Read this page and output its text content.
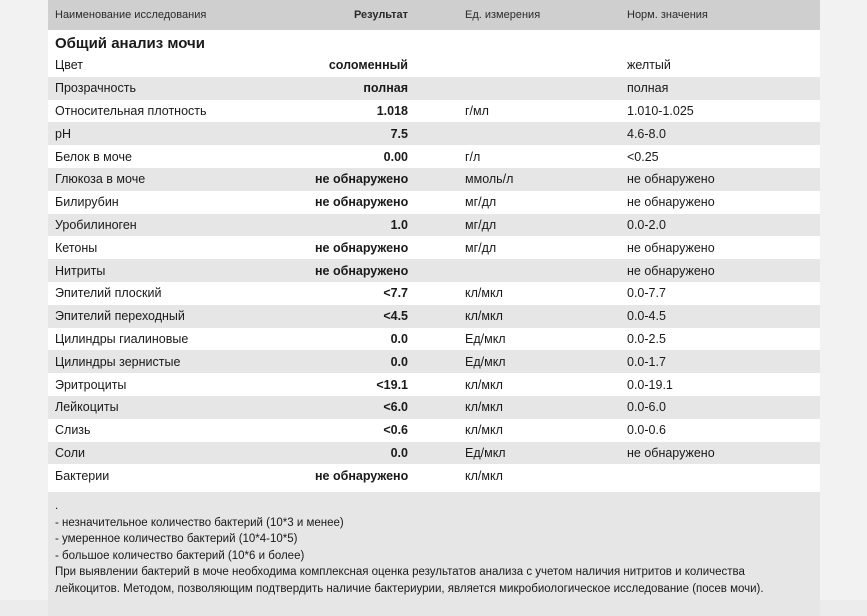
Наименование исследования	Результат	Ед. измерения	Норм. значения
Общий анализ мочи			
Цвет	соломенный		желтый
Прозрачность	полная		полная
Относительная плотность	1.018	г/мл	1.010-1.025
pH	7.5		4.6-8.0
Белок в моче	0.00	г/л	<0.25
Глюкоза в моче	не обнаружено	ммоль/л	не обнаружено
Билирубин	не обнаружено	мг/дл	не обнаружено
Уробилиноген	1.0	мг/дл	0.0-2.0
Кетоны	не обнаружено	мг/дл	не обнаружено
Нитриты	не обнаружено		не обнаружено
Эпителий плоский	<7.7	кл/мкл	0.0-7.7
Эпителий переходный	<4.5	кл/мкл	0.0-4.5
Цилиндры гиалиновые	0.0	Ед/мкл	0.0-2.5
Цилиндры зернистые	0.0	Ед/мкл	0.0-1.7
Эритроциты	<19.1	кл/мкл	0.0-19.1
Лейкоциты	<6.0	кл/мкл	0.0-6.0
Слизь	<0.6	кл/мкл	0.0-0.6
Соли	0.0	Ед/мкл	не обнаружено
Бактерии	не обнаружено	кл/мкл	
.
- незначительное количество бактерий (10*3 и менее)
- умеренное количество бактерий (10*4-10*5)
- большое количество бактерий (10*6 и более)
При выявлении бактерий в моче необходима комплексная оценка результатов анализа с учетом наличия нитритов и количества
лейкоцитов. Методом, позволяющим подтвердить наличие бактериурии, является микробиологическое исследование (посев мочи).
